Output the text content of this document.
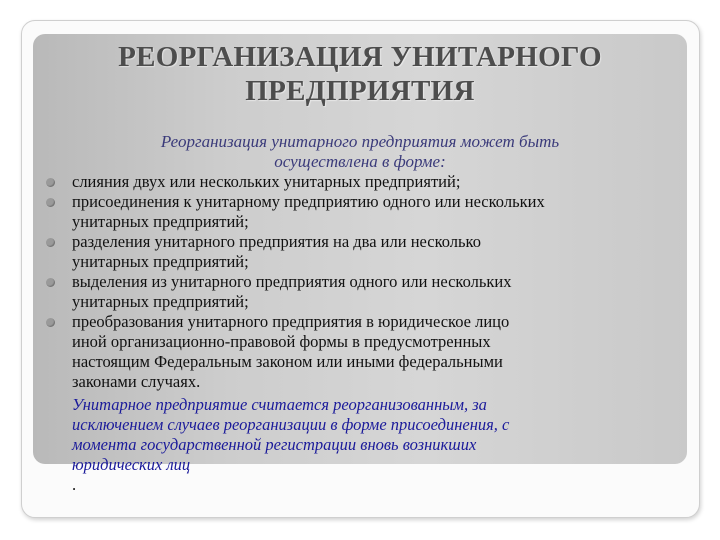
РЕОРГАНИЗАЦИЯ УНИТАРНОГО
ПРЕДПРИЯТИЯ
Реорганизация унитарного предприятия может быть
осуществлена в форме:
слияния двух или нескольких унитарных предприятий;
присоединения к унитарному предприятию одного или нескольких
унитарных предприятий;
разделения унитарного предприятия на два или несколько
унитарных предприятий;
выделения из унитарного предприятия одного или нескольких
унитарных предприятий;
преобразования унитарного предприятия в юридическое лицо
иной организационно-правовой формы в предусмотренных
настоящим Федеральным законом или иными федеральными
законами случаях.
Унитарное предприятие считается реорганизованным, за
исключением случаев реорганизации в форме присоединения, с
момента государственной регистрации вновь возникших
юридических лиц
.
